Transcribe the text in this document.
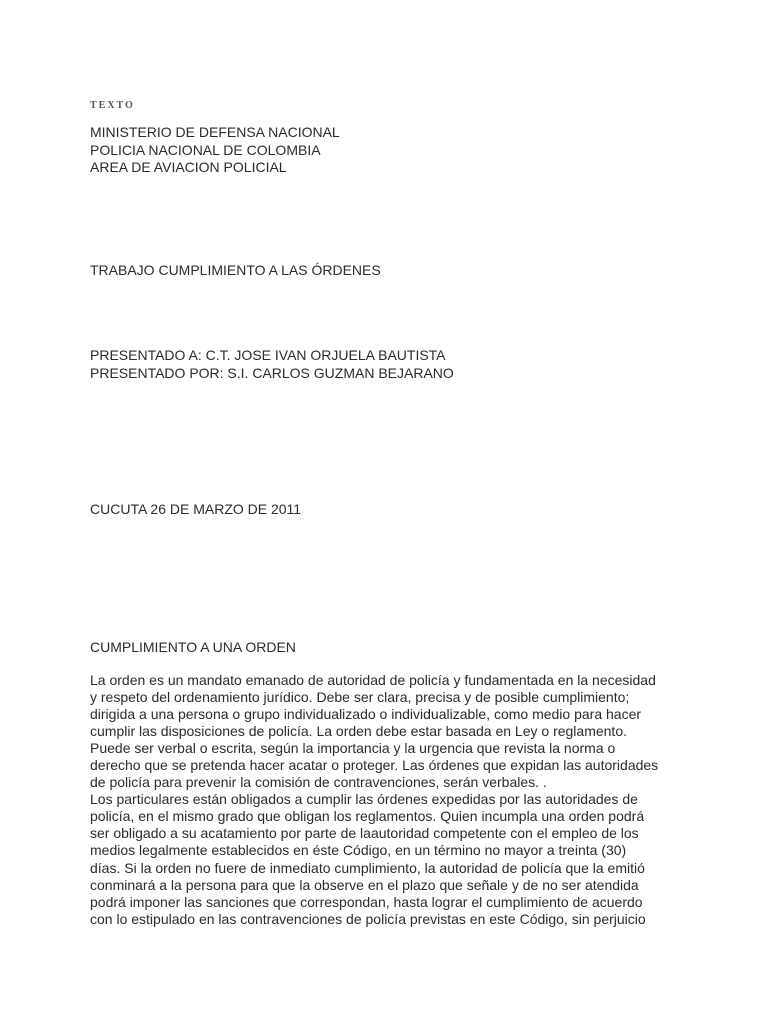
TEXTO
MINISTERIO DE DEFENSA NACIONAL
POLICIA NACIONAL DE COLOMBIA
AREA DE AVIACION POLICIAL
TRABAJO CUMPLIMIENTO A LAS ÓRDENES
PRESENTADO A: C.T. JOSE IVAN ORJUELA BAUTISTA
PRESENTADO POR: S.I. CARLOS GUZMAN BEJARANO
CUCUTA 26 DE MARZO DE 2011
CUMPLIMIENTO A UNA ORDEN
La orden es un mandato emanado de autoridad de policía y fundamentada en la necesidad
y respeto del ordenamiento jurídico. Debe ser clara, precisa y de posible cumplimiento;
dirigida a una persona o grupo individualizado o individualizable, como medio para hacer
cumplir las disposiciones de policía. La orden debe estar basada en Ley o reglamento.
Puede ser verbal o escrita, según la importancia y la urgencia que revista la norma o
derecho que se pretenda hacer acatar o proteger. Las órdenes que expidan las autoridades
de policía para prevenir la comisión de contravenciones, serán verbales. .
Los particulares están obligados a cumplir las órdenes expedidas por las autoridades de
policía, en el mismo grado que obligan los reglamentos. Quien incumpla una orden podrá
ser obligado a su acatamiento por parte de laautoridad competente con el empleo de los
medios legalmente establecidos en éste Código, en un término no mayor a treinta (30)
días. Si la orden no fuere de inmediato cumplimiento, la autoridad de policía que la emitió
conminará a la persona para que la observe en el plazo que señale y de no ser atendida
podrá imponer las sanciones que correspondan, hasta lograr el cumplimiento de acuerdo
con lo estipulado en las contravenciones de policía previstas en este Código, sin perjuicio
